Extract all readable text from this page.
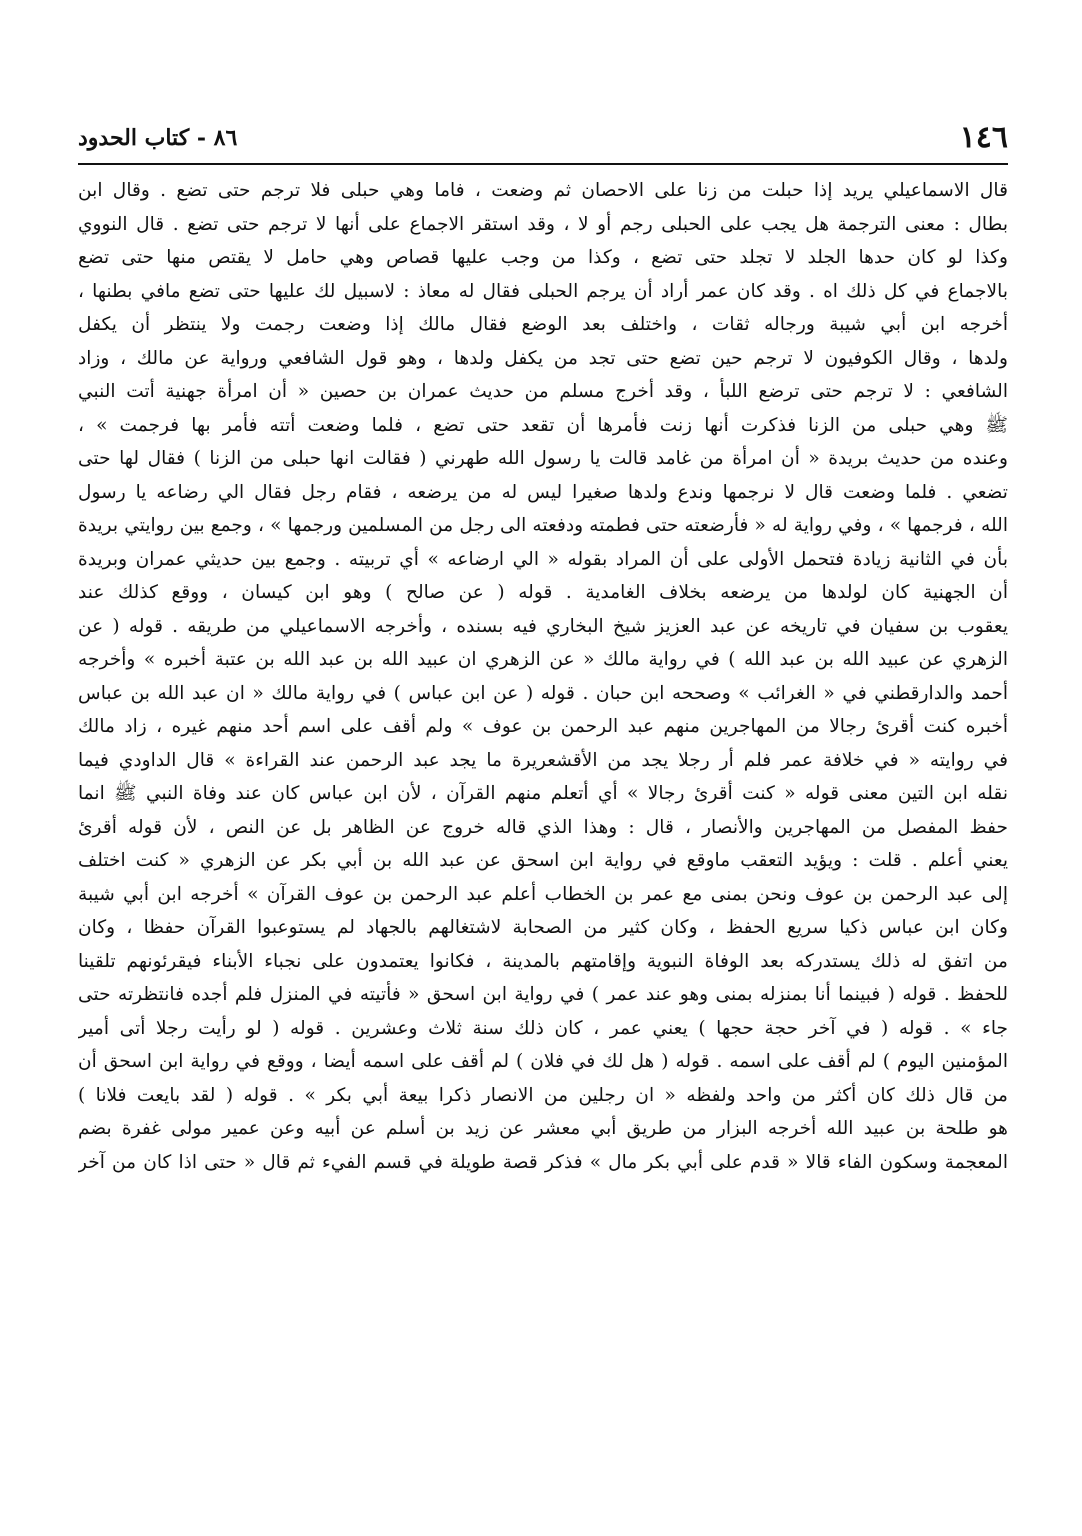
١٤٦
٨٦ - كتاب الحدود
قال الاسماعيلي يريد إذا حبلت من زنا على الاحصان ثم وضعت ، فاما وهي حبلى فلا ترجم حتى تضع . وقال ابن
بطال : معنى الترجمة هل يجب على الحبلى رجم أو لا ، وقد استقر الاجماع على أنها لا ترجم حتى تضع . قال النووي
وكذا لو كان حدها الجلد لا تجلد حتى تضع ، وكذا من وجب عليها قصاص وهي حامل لا يقتص منها حتى تضع
بالاجماع في كل ذلك اه . وقد كان عمر أراد أن يرجم الحبلى فقال له معاذ : لاسبيل لك عليها حتى تضع مافي بطنها ،
أخرجه ابن أبي شيبة ورجاله ثقات ، واختلف بعد الوضع فقال مالك إذا وضعت رجمت ولا ينتظر أن يكفل
ولدها ، وقال الكوفيون لا ترجم حين تضع حتى تجد من يكفل ولدها ، وهو قول الشافعي ورواية عن مالك ، وزاد
الشافعي : لا ترجم حتى ترضع اللبأ ، وقد أخرج مسلم من حديث عمران بن حصين « أن امرأة جهنية أتت النبي
ﷺ وهي حبلى من الزنا فذكرت أنها زنت فأمرها أن تقعد حتى تضع ، فلما وضعت أتته فأمر بها فرجمت » ،
وعنده من حديث بريدة « أن امرأة من غامد قالت يا رسول الله طهرني ( فقالت انها حبلى من الزنا ) فقال لها حتى
تضعي . فلما وضعت قال لا نرجمها وندع ولدها صغيرا ليس له من يرضعه ، فقام رجل فقال الي رضاعه يا رسول
الله ، فرجمها » ، وفي رواية له « فأرضعته حتى فطمته ودفعته الى رجل من المسلمين ورجمها » ، وجمع بين روايتي بريدة
بأن في الثانية زيادة فتحمل الأولى على أن المراد بقوله « الي ارضاعه » أي تربيته . وجمع بين حديثي عمران وبريدة
أن الجهنية كان لولدها من يرضعه بخلاف الغامدية . قوله ( عن صالح ) وهو ابن كيسان ، ووقع كذلك عند
يعقوب بن سفيان في تاريخه عن عبد العزيز شيخ البخاري فيه بسنده ، وأخرجه الاسماعيلي من طريقه . قوله ( عن
الزهري عن عبيد الله بن عبد الله ) في رواية مالك « عن الزهري ان عبيد الله بن عبد الله بن عتبة أخبره » وأخرجه
أحمد والدارقطني في « الغرائب » وصححه ابن حبان . قوله ( عن ابن عباس ) في رواية مالك « ان عبد الله بن عباس
أخبره كنت أقرئ رجالا من المهاجرين منهم عبد الرحمن بن عوف » ولم أقف على اسم أحد منهم غيره ، زاد مالك
في روايته « في خلافة عمر فلم أر رجلا يجد من الأقشعريرة ما يجد عبد الرحمن عند القراءة » قال الداودي فيما
نقله ابن التين معنى قوله « كنت أقرئ رجالا » أي أتعلم منهم القرآن ، لأن ابن عباس كان عند وفاة النبي ﷺ انما
حفظ المفصل من المهاجرين والأنصار ، قال : وهذا الذي قاله خروج عن الظاهر بل عن النص ، لأن قوله أقرئ
يعني أعلم . قلت : ويؤيد التعقب ماوقع في رواية ابن اسحق عن عبد الله بن أبي بكر عن الزهري « كنت اختلف
إلى عبد الرحمن بن عوف ونحن بمنى مع عمر بن الخطاب أعلم عبد الرحمن بن عوف القرآن » أخرجه ابن أبي شيبة
وكان ابن عباس ذكيا سريع الحفظ ، وكان كثير من الصحابة لاشتغالهم بالجهاد لم يستوعبوا القرآن حفظا ، وكان
من اتفق له ذلك يستدركه بعد الوفاة النبوية وإقامتهم بالمدينة ، فكانوا يعتمدون على نجباء الأبناء فيقرئونهم تلقينا
للحفظ . قوله ( فبينما أنا بمنزله بمنى وهو عند عمر ) في رواية ابن اسحق « فأتيته في المنزل فلم أجده فانتظرته حتى
جاء » . قوله ( في آخر حجة حجها ) يعني عمر ، كان ذلك سنة ثلاث وعشرين . قوله ( لو رأيت رجلا أتى أمير
المؤمنين اليوم ) لم أقف على اسمه . قوله ( هل لك في فلان ) لم أقف على اسمه أيضا ، ووقع في رواية ابن اسحق أن
من قال ذلك كان أكثر من واحد ولفظه « ان رجلين من الانصار ذكرا بيعة أبي بكر » . قوله ( لقد بايعت فلانا )
هو طلحة بن عبيد الله أخرجه البزار من طريق أبي معشر عن زيد بن أسلم عن أبيه وعن عمير مولى غفرة بضم
المعجمة وسكون الفاء قالا « قدم على أبي بكر مال » فذكر قصة طويلة في قسم الفيء ثم قال « حتى اذا كان من آخر
